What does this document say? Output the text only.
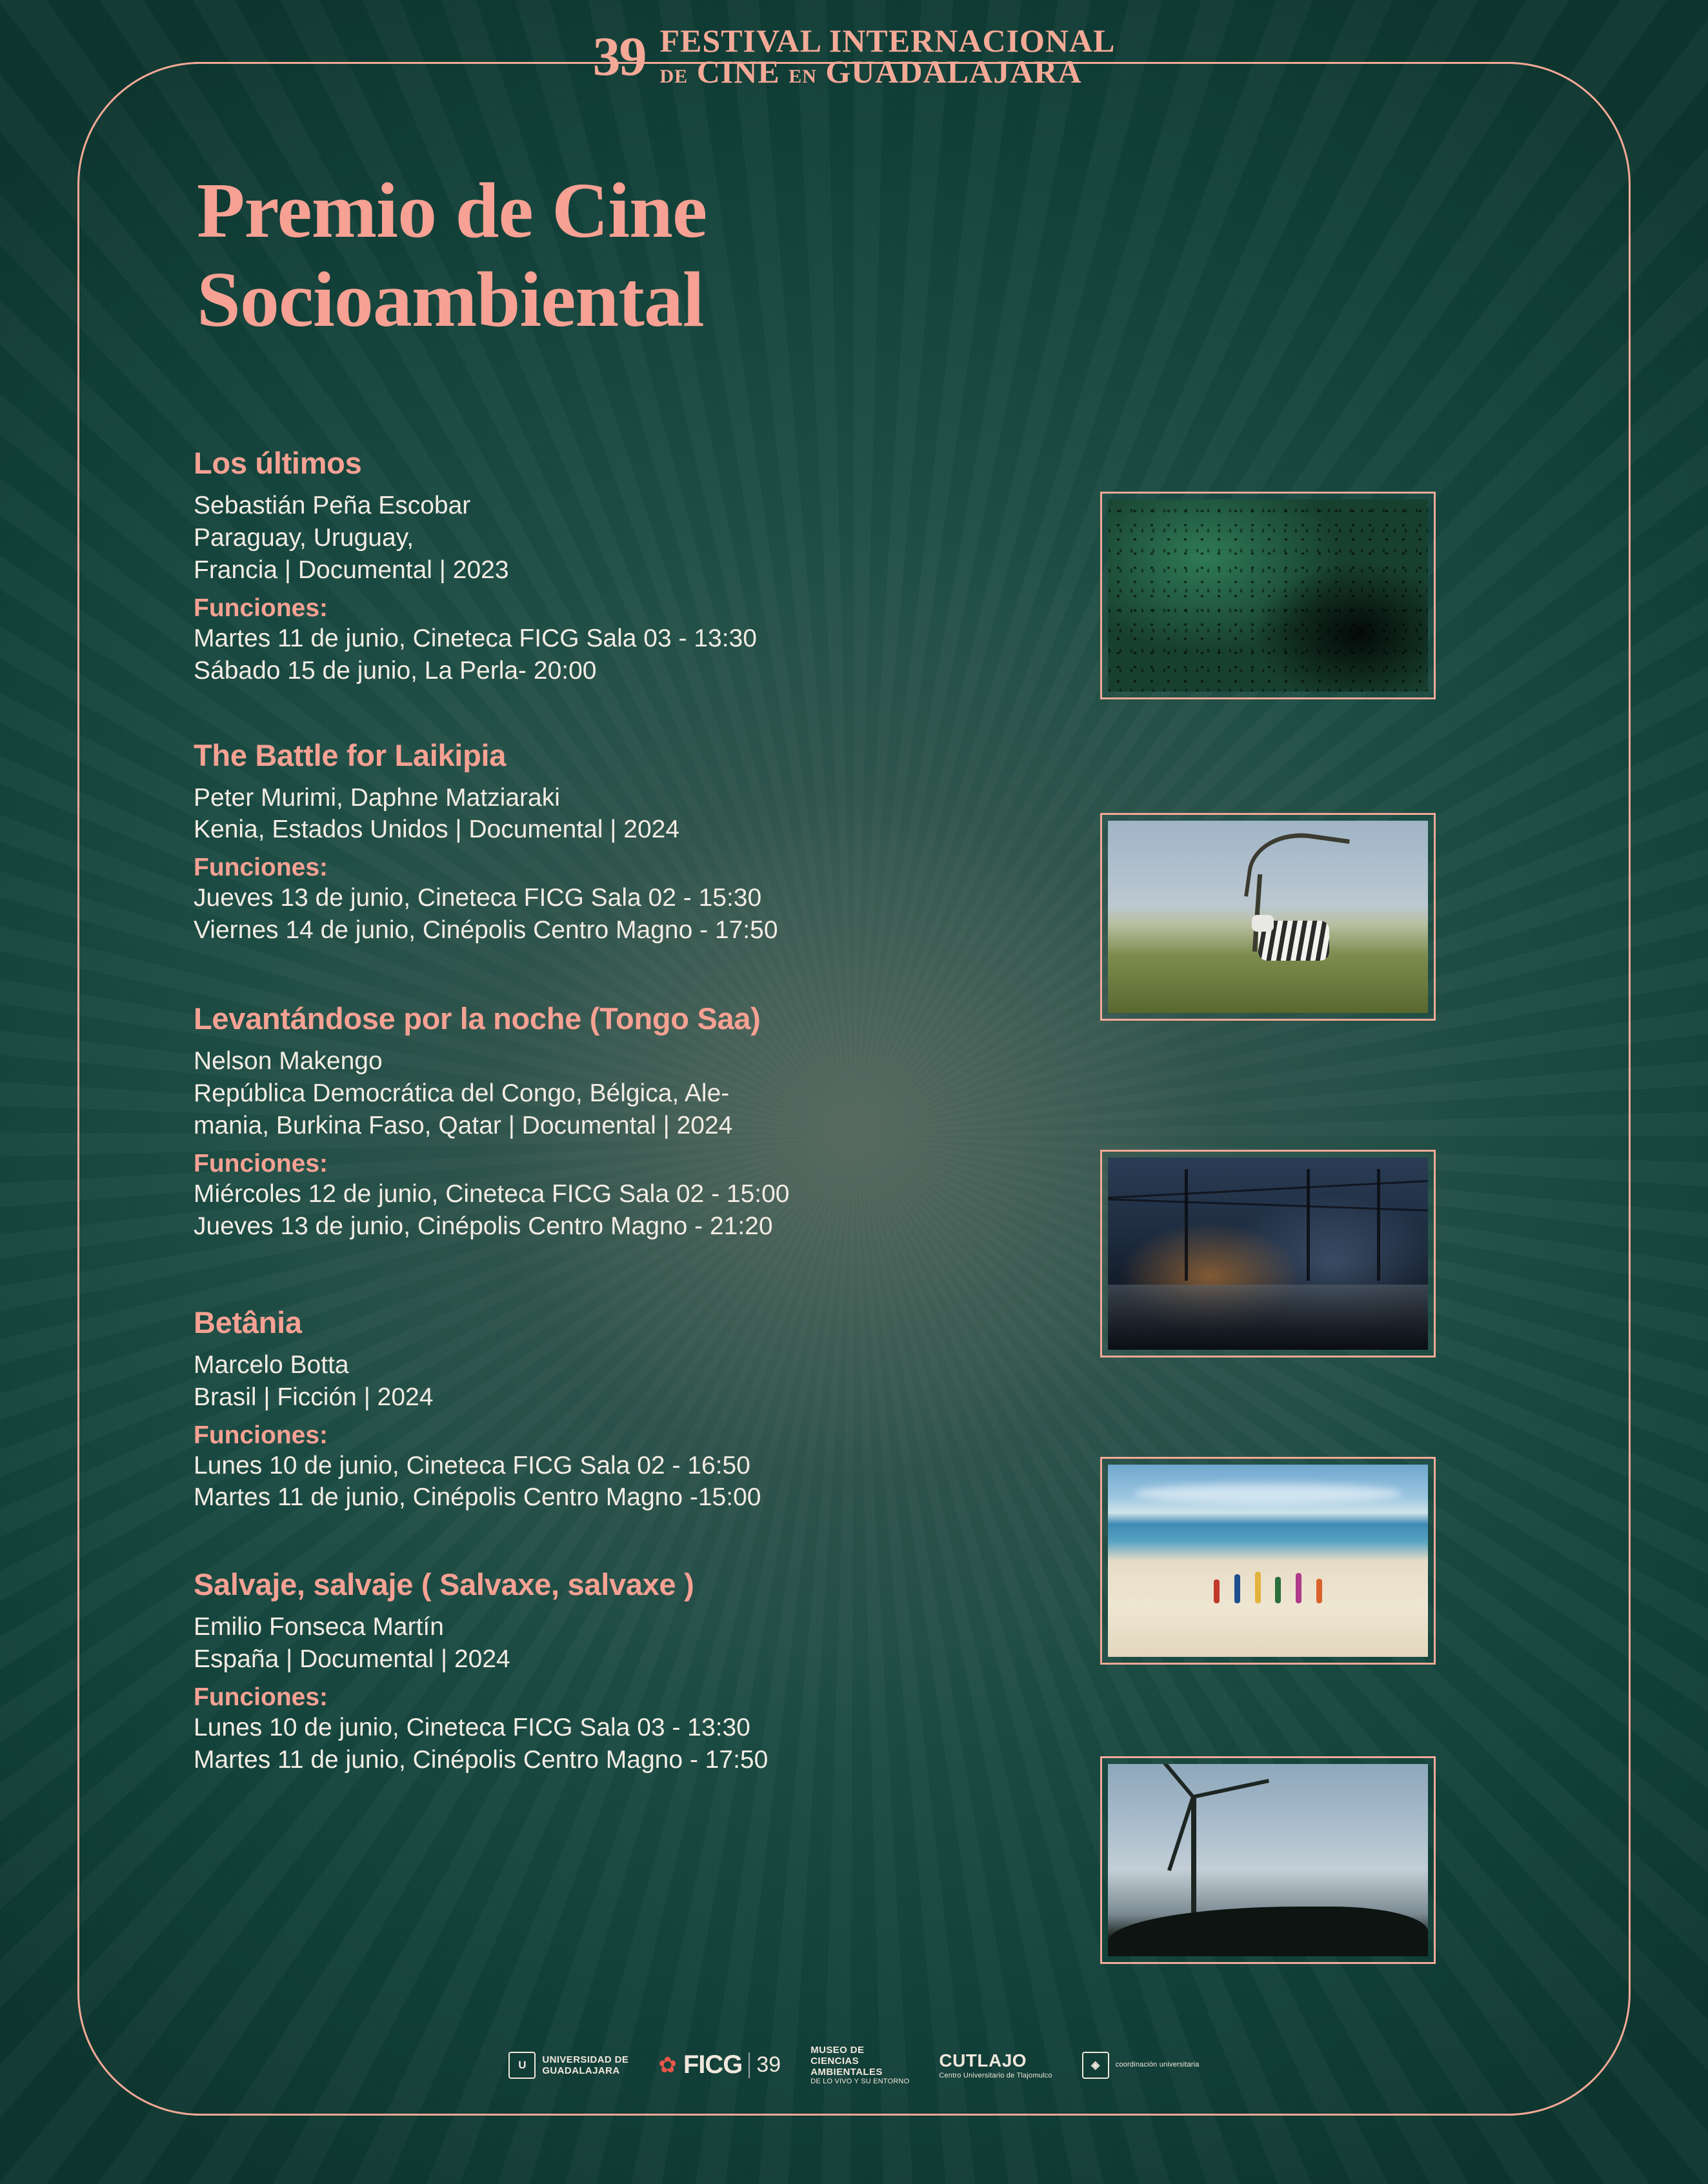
39 FESTIVAL INTERNACIONAL
DE CINE EN GUADALAJARA
Premio de Cine
Socioambiental
Los últimos
Sebastián Peña Escobar
Paraguay, Uruguay,
Francia | Documental | 2023
Funciones:
Martes 11 de junio, Cineteca FICG Sala 03 - 13:30
Sábado 15 de junio, La Perla- 20:00
The Battle for Laikipia
Peter Murimi, Daphne Matziaraki
Kenia, Estados Unidos | Documental | 2024
Funciones:
Jueves 13 de junio, Cineteca FICG Sala 02 - 15:30
Viernes 14 de junio, Cinépolis Centro Magno - 17:50
Levantándose por la noche (Tongo Saa)
Nelson Makengo
República Democrática del Congo, Bélgica, Ale-
mania, Burkina Faso, Qatar | Documental | 2024
Funciones:
Miércoles 12 de junio, Cineteca FICG Sala 02 - 15:00
Jueves 13 de junio, Cinépolis Centro Magno - 21:20
Betânia
Marcelo Botta
Brasil | Ficción | 2024
Funciones:
Lunes 10 de junio, Cineteca FICG Sala 02 - 16:50
Martes 11 de junio, Cinépolis Centro Magno -15:00
Salvaje, salvaje ( Salvaxe, salvaxe )
Emilio Fonseca Martín
España | Documental | 2024
Funciones:
Lunes 10 de junio, Cineteca FICG Sala 03 - 13:30
Martes 11 de junio, Cinépolis Centro Magno - 17:50
U	UNIVERSIDAD DE
GUADALAJARA	✿ FICG 39
MUSEO DE
CIENCIAS
AMBIENTALES
DE LO VIVO Y SU ENTORNO
CUTLAJO
Centro Universitario de Tlajomulco
◈	coordinación universitaria
